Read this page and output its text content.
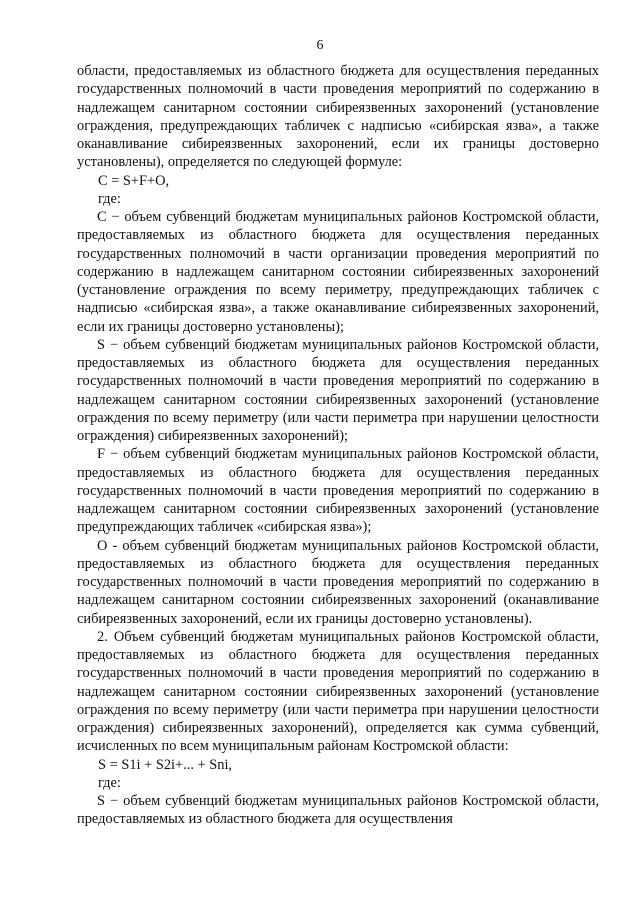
6

области, предоставляемых из областного бюджета для осуществления переданных государственных полномочий в части проведения мероприятий по содержанию в надлежащем санитарном состоянии сибиреязвенных захоронений (установление ограждения, предупреждающих табличек с надписью «сибирская язва», а также оканавливание сибиреязвенных захоронений, если их границы достоверно установлены), определяется по следующей формуле:

С = S+F+O,

где:

С − объем субвенций бюджетам муниципальных районов Костромской области, предоставляемых из областного бюджета для осуществления переданных государственных полномочий в части организации проведения мероприятий по содержанию в надлежащем санитарном состоянии сибиреязвенных захоронений (установление ограждения по всему периметру, предупреждающих табличек с надписью «сибирская язва», а также оканавливание сибиреязвенных захоронений, если их границы достоверно установлены);

S − объем субвенций бюджетам муниципальных районов Костромской области, предоставляемых из областного бюджета для осуществления переданных государственных полномочий в части проведения мероприятий по содержанию в надлежащем санитарном состоянии сибиреязвенных захоронений (установление ограждения по всему периметру (или части периметра при нарушении целостности ограждения) сибиреязвенных захоронений);

F − объем субвенций бюджетам муниципальных районов Костромской области, предоставляемых из областного бюджета для осуществления переданных государственных полномочий в части проведения мероприятий по содержанию в надлежащем санитарном состоянии сибиреязвенных захоронений (установление предупреждающих табличек «сибирская язва»);

О - объем субвенций бюджетам муниципальных районов Костромской области, предоставляемых из областного бюджета для осуществления переданных государственных полномочий в части проведения мероприятий по содержанию в надлежащем санитарном состоянии сибиреязвенных захоронений (оканавливание сибиреязвенных захоронений, если их границы достоверно установлены).

2. Объем субвенций бюджетам муниципальных районов Костромской области, предоставляемых из областного бюджета для осуществления переданных государственных полномочий в части проведения мероприятий по содержанию в надлежащем санитарном состоянии сибиреязвенных захоронений (установление ограждения по всему периметру (или части периметра при нарушении целостности ограждения) сибиреязвенных захоронений), определяется как сумма субвенций, исчисленных по всем муниципальным районам Костромской области:

S = S1i + S2i+... + Sni,

где:

S − объем субвенций бюджетам муниципальных районов Костромской области, предоставляемых из областного бюджета для осуществления
